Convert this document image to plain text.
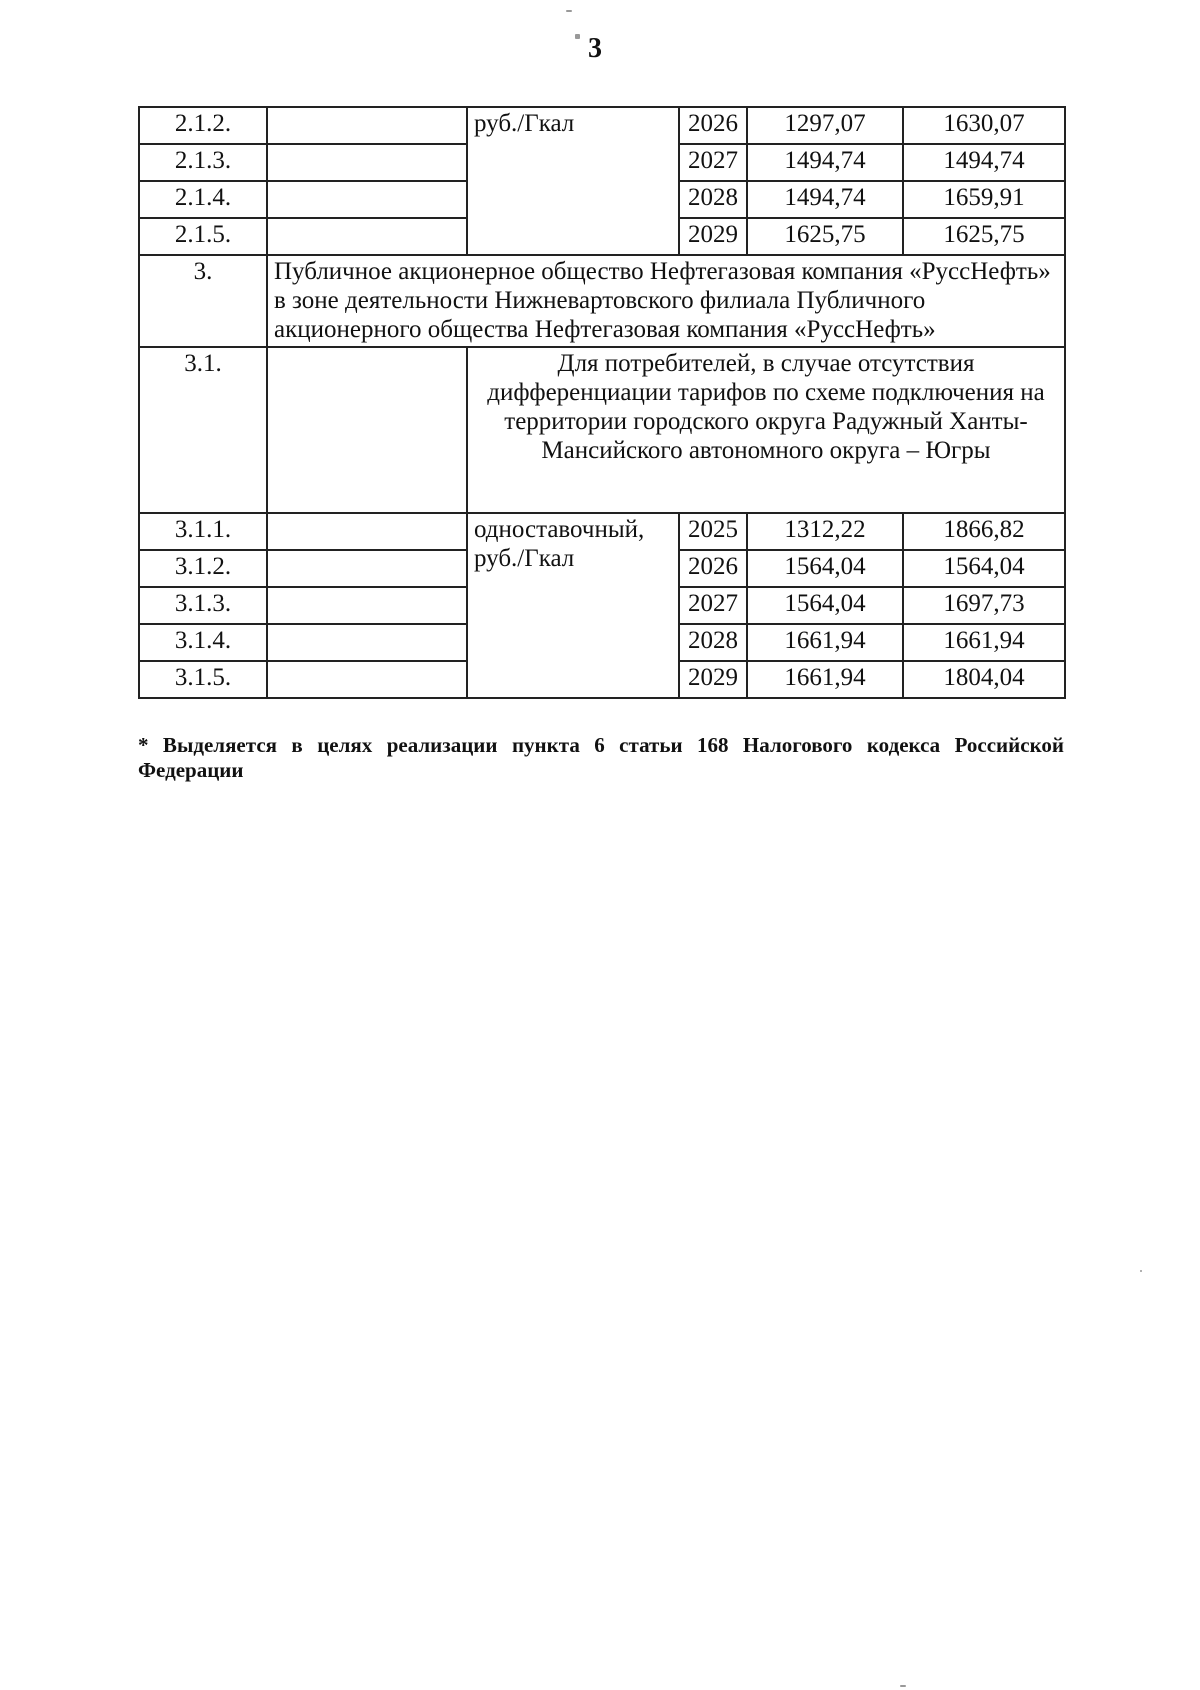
3
2.1.2.		руб./Гкал	2026	1297,07	1630,07
2.1.3.			2027	1494,74	1494,74
2.1.4.			2028	1494,74	1659,91
2.1.5.			2029	1625,75	1625,75
3.	Публичное акционерное общество Нефтегазовая компания «РуссНефть» в зоне деятельности Нижневартовского филиала Публичного акционерного общества Нефтегазовая компания «РуссНефть»				
3.1.		Для потребителей, в случае отсутствия дифференциации тарифов по схеме подключения на территории городского округа Радужный Ханты-Мансийского автономного округа – Югры			
3.1.1.		одноставочный, руб./Гкал	2025	1312,22	1866,82
3.1.2.			2026	1564,04	1564,04
3.1.3.			2027	1564,04	1697,73
3.1.4.			2028	1661,94	1661,94
3.1.5.			2029	1661,94	1804,04
* Выделяется в целях реализации пункта 6 статьи 168 Налогового кодекса Российской Федерации
